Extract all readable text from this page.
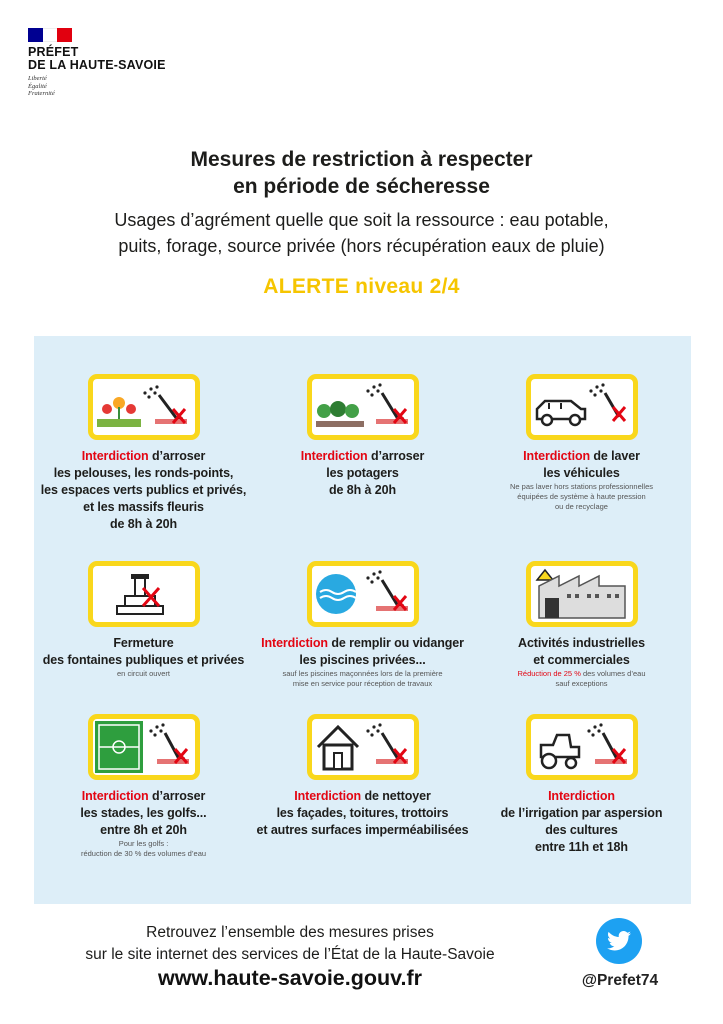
PRÉFET
DE LA HAUTE-SAVOIE
Liberté
Égalité
Fraternité
Mesures de restriction à respecter
en période de sécheresse
Usages d’agrément quelle que soit la ressource : eau potable,
puits, forage, source privée (hors récupération eaux de pluie)
ALERTE niveau 2/4
Interdiction d’arroser
les pelouses, les ronds-points,
les espaces verts publics et privés,
et les massifs fleuris
de 8h à 20h
Interdiction d’arroser
les potagers
de 8h à 20h
Interdiction de laver
les véhicules
Ne pas laver hors stations professionnelles
équipées de système à haute pression
ou de recyclage
Fermeture
des fontaines publiques et privées
en circuit ouvert
Interdiction de remplir ou vidanger
les piscines privées...
sauf les piscines maçonnées lors de la première
mise en service pour réception de travaux
Activités industrielles
et commerciales
Réduction de 25 % des volumes d’eau
sauf exceptions
Interdiction d’arroser
les stades, les golfs...
entre 8h et 20h
Pour les golfs :
réduction de 30 % des volumes d’eau
Interdiction de nettoyer
les façades, toitures, trottoirs
et autres surfaces imperméabilisées
Interdiction
de l’irrigation par aspersion
des cultures
entre 11h et 18h
Retrouvez l’ensemble des mesures prises
sur le site internet des services de l’État de la Haute-Savoie
www.haute-savoie.gouv.fr	@Prefet74
